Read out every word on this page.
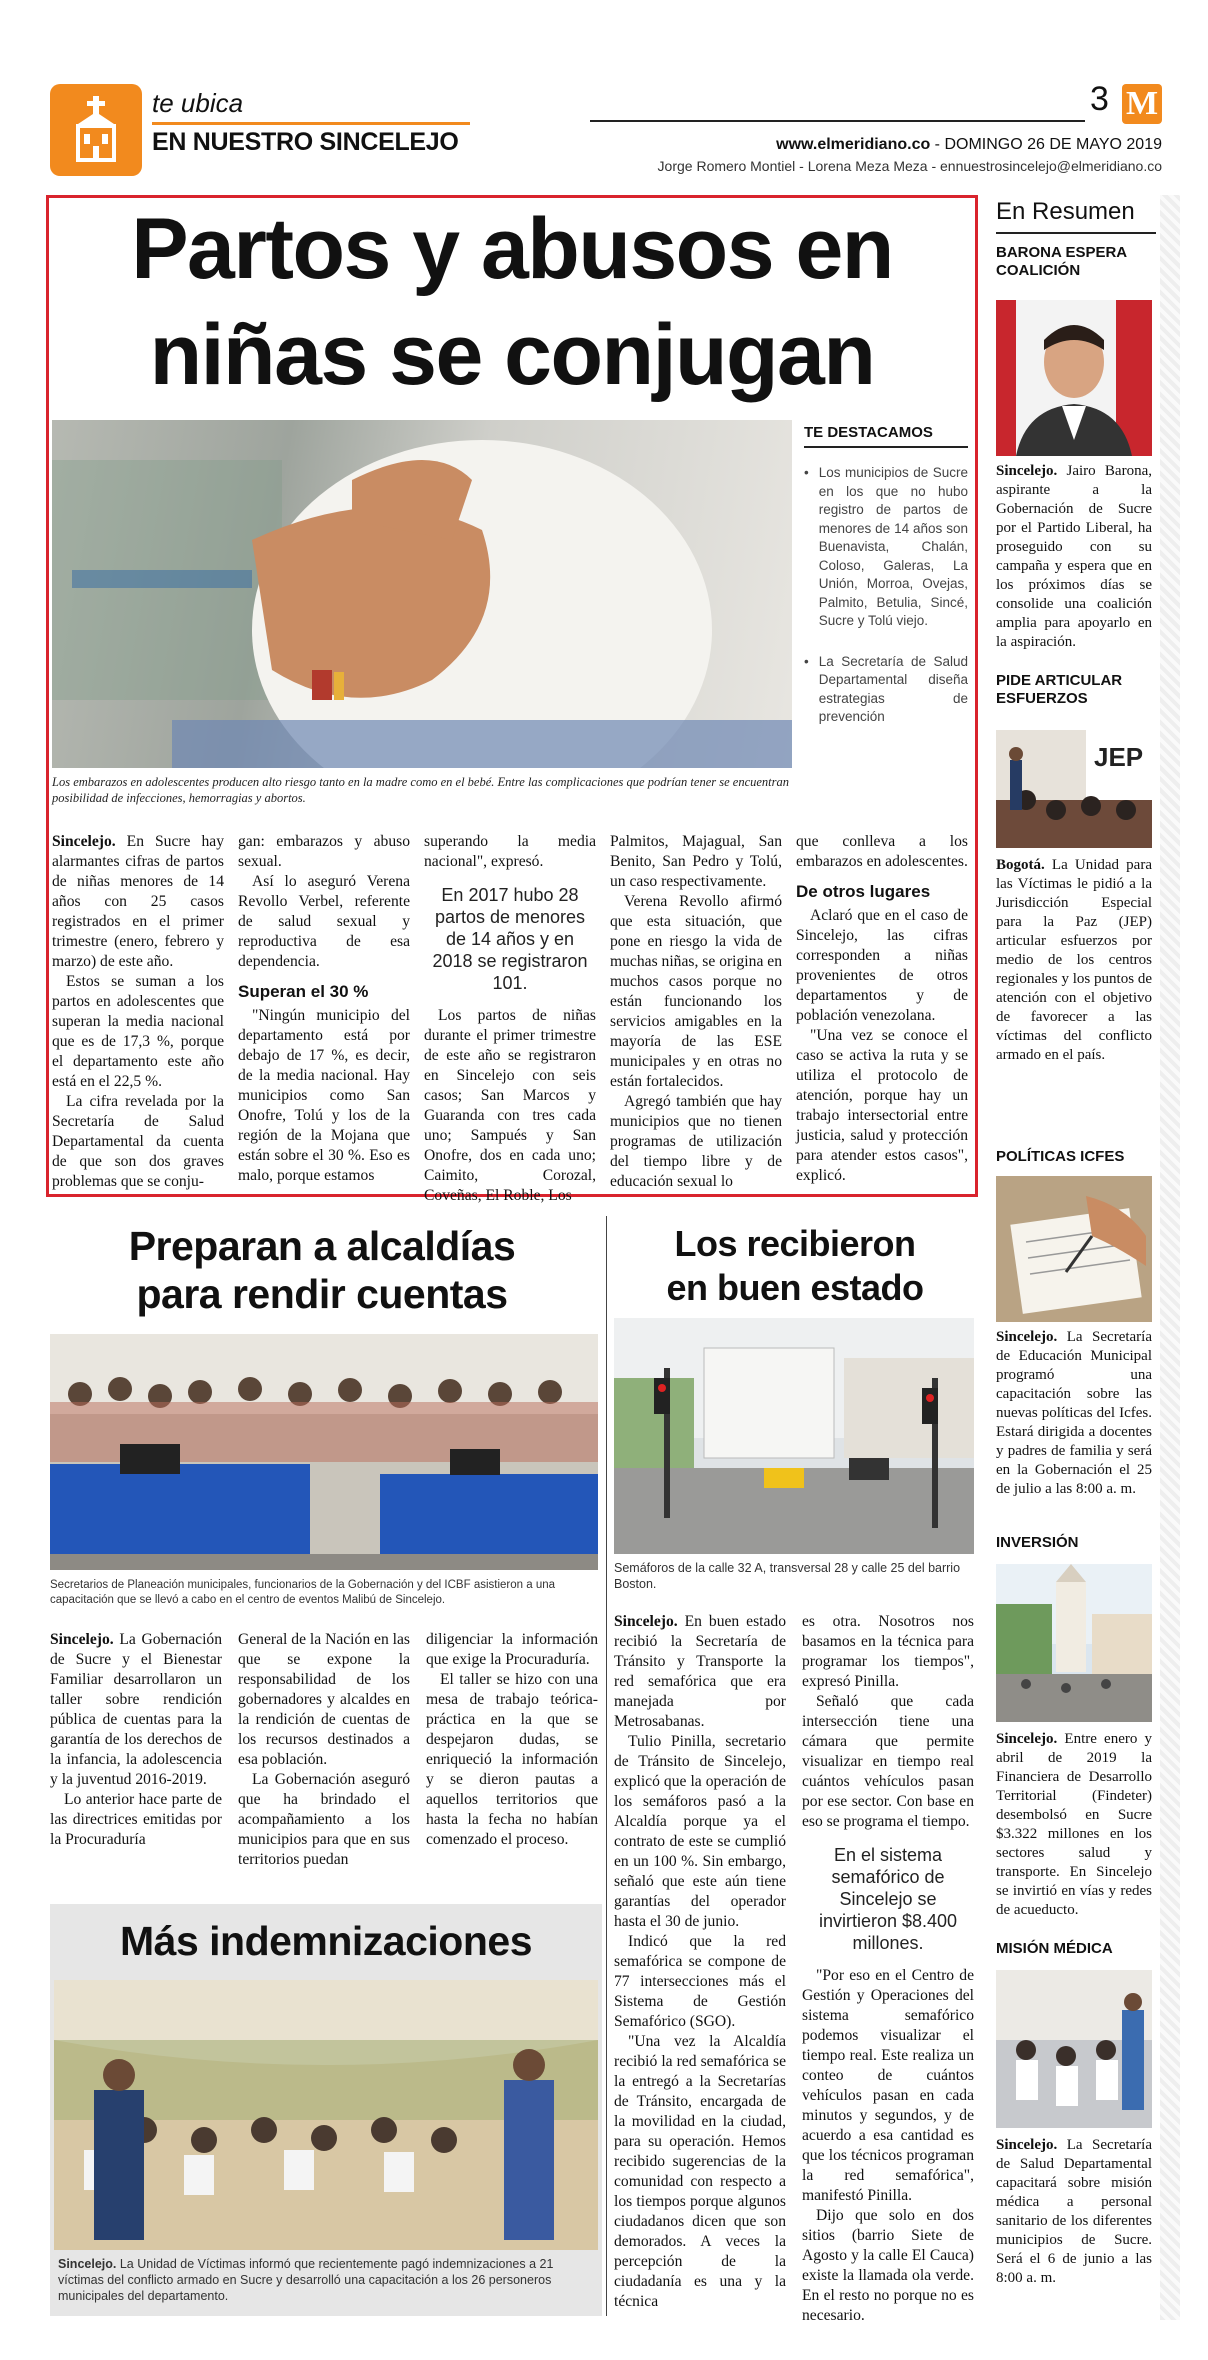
te ubica
EN NUESTRO SINCELEJO
3 M
www.elmeridiano.co - DOMINGO 26 DE MAYO 2019
Jorge Romero Montiel - Lorena Meza Meza - ennuestrosincelejo@elmeridiano.co
Partos y abusos en
niñas se conjugan
Los embarazos en adolescentes producen alto riesgo tanto en la madre como en el bebé. Entre las complicaciones que podrían tener se encuentran posibilidad de infecciones, hemorragias y abortos.
TE DESTACAMOS
• Los municipios de Sucre en los que no hubo registro de partos de menores de 14 años son Buenavista, Chalán, Coloso, Galeras, La Unión, Morroa, Ovejas, Palmito, Betulia, Sincé, Sucre y Tolú viejo.
• La Secretaría de Salud Departamental diseña estrategias de prevención

Sincelejo. En Sucre hay alarmantes cifras de partos de niñas menores de 14 años con 25 casos registrados en el primer trimestre (enero, febrero y marzo) de este año.

Estos se suman a los partos en adolescentes que superan la media nacional que es de 17,3 %, porque el departamento este año está en el 22,5 %.

La cifra revelada por la Secretaría de Salud Departamental da cuenta de que son dos graves problemas que se conju-

gan: embarazos y abuso sexual.

Así lo aseguró Verena Revollo Verbel, referente de salud sexual y reproductiva de esa dependencia.

Superan el 30 %

"Ningún municipio del departamento está por debajo de 17 %, es decir, de la media nacional. Hay municipios como San Onofre, Tolú y los de la región de la Mojana que están sobre el 30 %. Eso es malo, porque estamos

superando la media nacional", expresó.

En 2017 hubo 28 partos de menores de 14 años y en 2018 se registraron 101.

Los partos de niñas durante el primer trimestre de este año se registraron en Sincelejo con seis casos; San Marcos y Guaranda con tres cada uno; Sampués y San Onofre, dos en cada uno; Caimito, Corozal, Coveñas, El Roble, Los

Palmitos, Majagual, San Benito, San Pedro y Tolú, un caso respectivamente.

Verena Revollo afirmó que esta situación, que pone en riesgo la vida de muchas niñas, se origina en muchos casos porque no están funcionando los servicios amigables en la mayoría de las ESE municipales y en otras no están fortalecidos.

Agregó también que hay municipios que no tienen programas de utilización del tiempo libre y de educación sexual lo

que conlleva a los embarazos en adolescentes.

De otros lugares

Aclaró que en el caso de Sincelejo, las cifras corresponden a niñas provenientes de otros departamentos y de población venezolana.

"Una vez se conoce el caso se activa la ruta y se utiliza el protocolo de atención, porque hay un trabajo intersectorial entre justicia, salud y protección para atender estos casos", explicó.

Preparan a alcaldías
para rendir cuentas
Secretarios de Planeación municipales, funcionarios de la Gobernación y del ICBF asistieron a una capacitación que se llevó a cabo en el centro de eventos Malibú de Sincelejo.

Sincelejo. La Gobernación de Sucre y el Bienestar Familiar desarrollaron un taller sobre rendición pública de cuentas para la garantía de los derechos de la infancia, la adolescencia y la juventud 2016-2019.

Lo anterior hace parte de las directrices emitidas por la Procuraduría

General de la Nación en las que se expone la responsabilidad de los gobernadores y alcaldes en la rendición de cuentas de los recursos destinados a esa población.

La Gobernación aseguró que ha brindado el acompañamiento a los municipios para que en sus territorios puedan

diligenciar la información que exige la Procuraduría.

El taller se hizo con una mesa de trabajo teórica-práctica en la que se despejaron dudas, se enriqueció la información y se dieron pautas a aquellos territorios que hasta la fecha no habían comenzado el proceso.

Más indemnizaciones
Sincelejo. La Unidad de Víctimas informó que recientemente pagó indemnizaciones a 21 víctimas del conflicto armado en Sucre y desarrolló una capacitación a los 26 personeros municipales del departamento.
Los recibieron
en buen estado
Semáforos de la calle 32 A, transversal 28 y calle 25 del barrio Boston.

Sincelejo. En buen estado recibió la Secretaría de Tránsito y Transporte la red semafórica que era manejada por Metrosabanas.

Tulio Pinilla, secretario de Tránsito de Sincelejo, explicó que la operación de los semáforos pasó a la Alcaldía porque ya el contrato de este se cumplió en un 100 %. Sin embargo, señaló que este aún tiene garantías del operador hasta el 30 de junio.

Indicó que la red semafórica se compone de 77 intersecciones más el Sistema de Gestión Semafórico (SGO).

"Una vez la Alcaldía recibió la red semafórica se la entregó a la Secretarías de Tránsito, encargada de la movilidad en la ciudad, para su operación. Hemos recibido sugerencias de la comunidad con respecto a los tiempos porque algunos ciudadanos dicen que son demorados. A veces la percepción de la ciudadanía es una y la técnica

es otra. Nosotros nos basamos en la técnica para programar los tiempos", expresó Pinilla.

Señaló que cada intersección tiene una cámara que permite visualizar en tiempo real cuántos vehículos pasan por ese sector. Con base en eso se programa el tiempo.

En el sistema semafórico de Sincelejo se invirtieron $8.400 millones.

"Por eso en el Centro de Gestión y Operaciones del sistema semafórico podemos visualizar el tiempo real. Este realiza un conteo de cuántos vehículos pasan en cada minutos y segundos, y de acuerdo a esa cantidad es que los técnicos programan la red semafórica", manifestó Pinilla.

Dijo que solo en dos sitios (barrio Siete de Agosto y la calle El Cauca) existe la llamada ola verde. En el resto no porque no es necesario.

En Resumen
BARONA ESPERA COALICIÓN
Sincelejo. Jairo Barona, aspirante a la Gobernación de Sucre por el Partido Liberal, ha proseguido con su campaña y espera que en los próximos días se consolide una coalición amplia para apoyarlo en la aspiración.
PIDE ARTICULAR ESFUERZOS
JEP
Bogotá. La Unidad para las Víctimas le pidió a la Jurisdicción Especial para la Paz (JEP) articular esfuerzos por medio de los centros regionales y los puntos de atención con el objetivo de favorecer a las víctimas del conflicto armado en el país.
POLÍTICAS ICFES
Sincelejo. La Secretaría de Educación Municipal programó una capacitación sobre las nuevas políticas del Icfes. Estará dirigida a docentes y padres de familia y será en la Gobernación el 25 de julio a las 8:00 a. m.
INVERSIÓN
Sincelejo. Entre enero y abril de 2019 la Financiera de Desarrollo Territorial (Findeter) desembolsó en Sucre $3.322 millones en los sectores salud y transporte. En Sincelejo se invirtió en vías y redes de acueducto.
MISIÓN MÉDICA
Sincelejo. La Secretaría de Salud Departamental capacitará sobre misión médica a personal sanitario de los diferentes municipios de Sucre. Será el 6 de junio a las 8:00 a. m.
